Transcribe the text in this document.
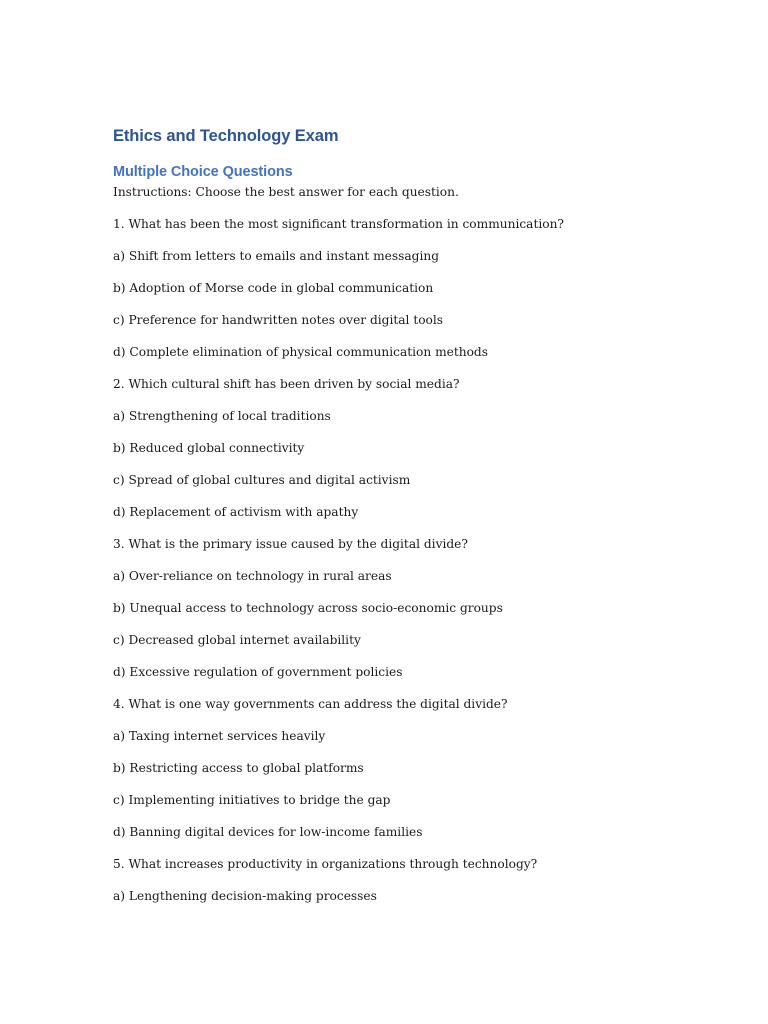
Ethics and Technology Exam
Multiple Choice Questions
Instructions: Choose the best answer for each question.
1. What has been the most significant transformation in communication?
a) Shift from letters to emails and instant messaging
b) Adoption of Morse code in global communication
c) Preference for handwritten notes over digital tools
d) Complete elimination of physical communication methods
2. Which cultural shift has been driven by social media?
a) Strengthening of local traditions
b) Reduced global connectivity
c) Spread of global cultures and digital activism
d) Replacement of activism with apathy
3. What is the primary issue caused by the digital divide?
a) Over-reliance on technology in rural areas
b) Unequal access to technology across socio-economic groups
c) Decreased global internet availability
d) Excessive regulation of government policies
4. What is one way governments can address the digital divide?
a) Taxing internet services heavily
b) Restricting access to global platforms
c) Implementing initiatives to bridge the gap
d) Banning digital devices for low-income families
5. What increases productivity in organizations through technology?
a) Lengthening decision-making processes
